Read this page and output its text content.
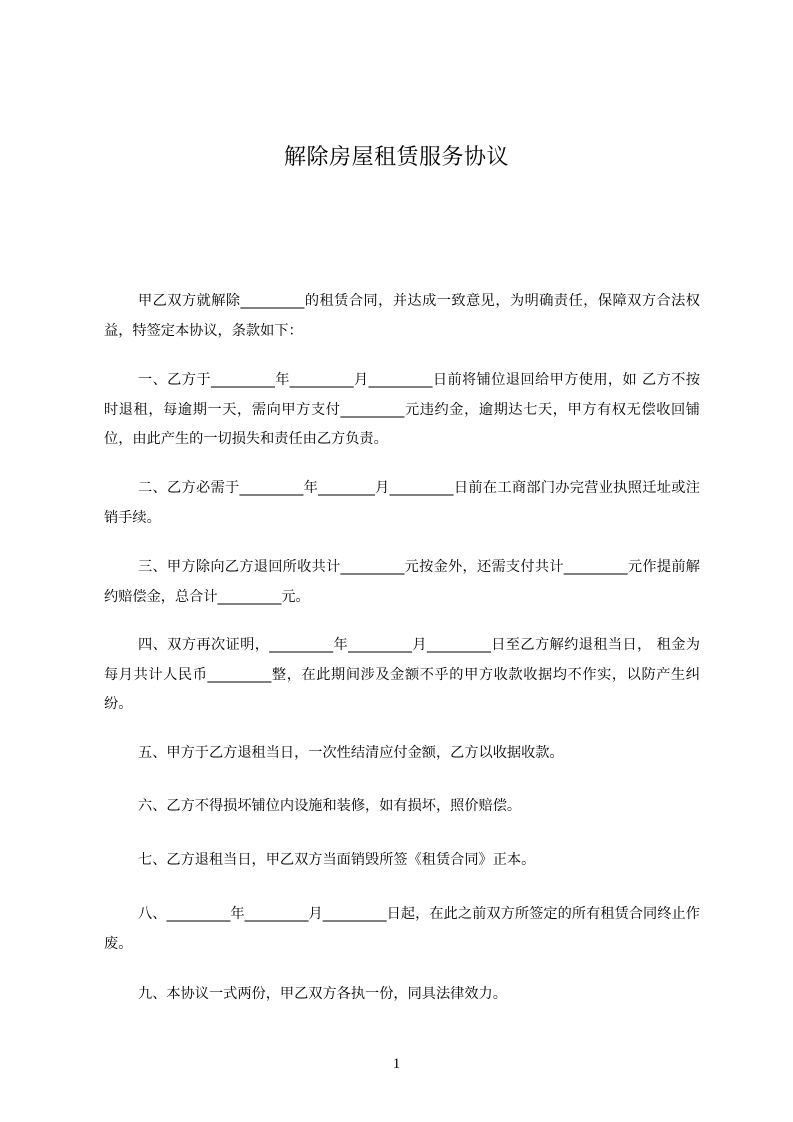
解除房屋租赁服务协议

甲乙双方就解除_________的租赁合同，并达成一致意见，为明确责任，保障双方合法权益，特签定本协议，条款如下：

一、乙方于_________年_________月_________日前将铺位退回给甲方使用，如 乙方不按时退租，每逾期一天，需向甲方支付_________元违约金，逾期达七天，甲方有权无偿收回铺位，由此产生的一切损失和责任由乙方负责。

二、乙方必需于_________年________月_________日前在工商部门办完营业执照迁址或注销手续。

三、甲方除向乙方退回所收共计_________元按金外，还需支付共计_________元作提前解约赔偿金，总合计_________元。

四、双方再次证明，_________年_________月_________日至乙方解约退租当日， 租金为每月共计人民币_________整，在此期间涉及金额不乎的甲方收款收据均不作实，以防产生纠纷。

五、甲方于乙方退租当日，一次性结清应付金额，乙方以收据收款。

六、乙方不得损坏铺位内设施和装修，如有损坏，照价赔偿。

七、乙方退租当日，甲乙双方当面销毁所签《租赁合同》正本。

八、_________年_________月_________日起，在此之前双方所签定的所有租赁合同终止作废。

九、本协议一式两份，甲乙双方各执一份，同具法律效力。

1
